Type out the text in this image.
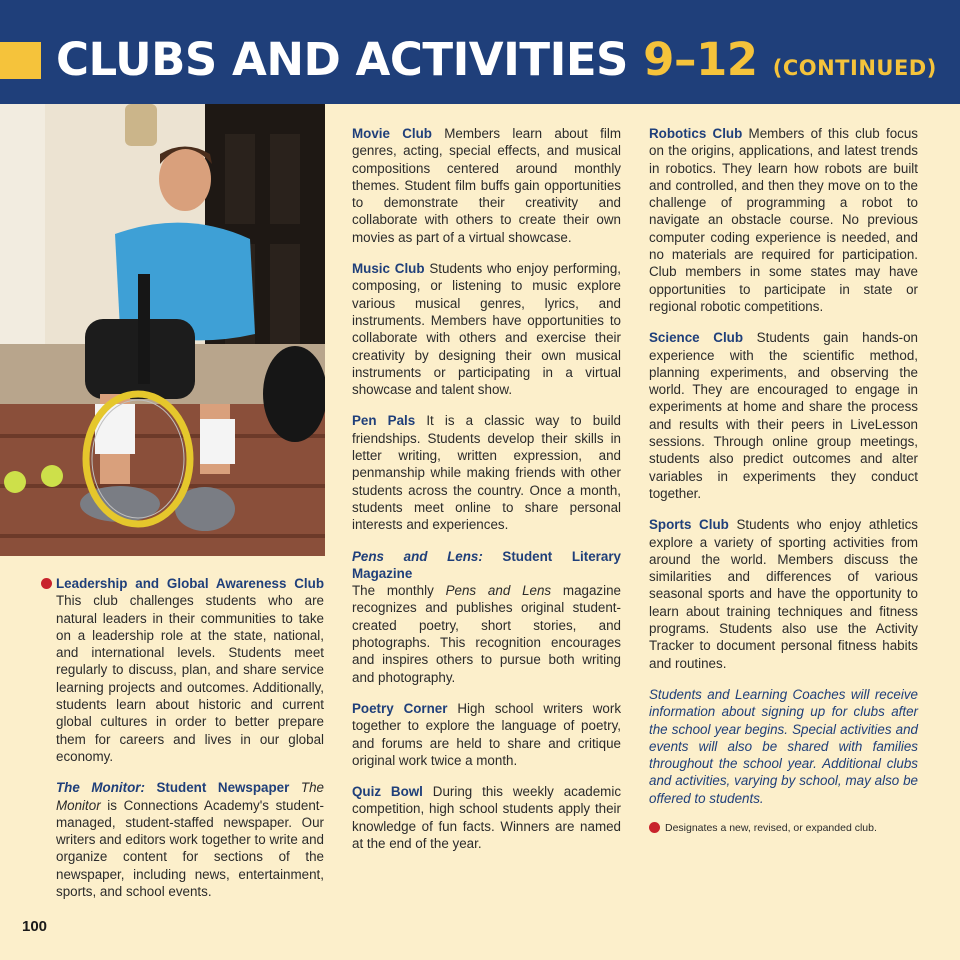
CLUBS AND ACTIVITIES 9–12 (CONTINUED)

Leadership and Global Awareness Club This club challenges students who are natural leaders in their communities to take on a leadership role at the state, national, and international levels. Students meet regularly to discuss, plan, and share service learning projects and outcomes. Additionally, students learn about historic and current global cultures in order to better prepare them for careers and lives in our global economy.

The Monitor: Student Newspaper The Monitor is Connections Academy's student-managed, student-staffed newspaper. Our writers and editors work together to write and organize content for sections of the newspaper, including news, entertainment, sports, and school events.

Movie Club Members learn about film genres, acting, special effects, and musical compositions centered around monthly themes. Student film buffs gain opportunities to demonstrate their creativity and collaborate with others to create their own movies as part of a virtual showcase.

Music Club Students who enjoy performing, composing, or listening to music explore various musical genres, lyrics, and instruments. Members have opportunities to collaborate with others and exercise their creativity by designing their own musical instruments or participating in a virtual showcase and talent show.

Pen Pals It is a classic way to build friendships. Students develop their skills in letter writing, written expression, and penmanship while making friends with other students across the country. Once a month, students meet online to share personal interests and experiences.

Pens and Lens: Student Literary Magazine
The monthly Pens and Lens magazine recognizes and publishes original student-created poetry, short stories, and photographs. This recognition encourages and inspires others to pursue both writing and photography.

Poetry Corner High school writers work together to explore the language of poetry, and forums are held to share and critique original work twice a month.

Quiz Bowl During this weekly academic competition, high school students apply their knowledge of fun facts. Winners are named at the end of the year.

Robotics Club Members of this club focus on the origins, applications, and latest trends in robotics. They learn how robots are built and controlled, and then they move on to the challenge of programming a robot to navigate an obstacle course. No previous computer coding experience is needed, and no materials are required for participation. Club members in some states may have opportunities to participate in state or regional robotic competitions.

Science Club Students gain hands-on experience with the scientific method, planning experiments, and observing the world. They are encouraged to engage in experiments at home and share the process and results with their peers in LiveLesson sessions. Through online group meetings, students also predict outcomes and alter variables in experiments they conduct together.

Sports Club Students who enjoy athletics explore a variety of sporting activities from around the world. Members discuss the similarities and differences of various seasonal sports and have the opportunity to learn about training techniques and fitness programs. Students also use the Activity Tracker to document personal fitness habits and routines.

Students and Learning Coaches will receive information about signing up for clubs after the school year begins. Special activities and events will also be shared with families throughout the school year. Additional clubs and activities, varying by school, may also be offered to students.

Designates a new, revised, or expanded club.
100
